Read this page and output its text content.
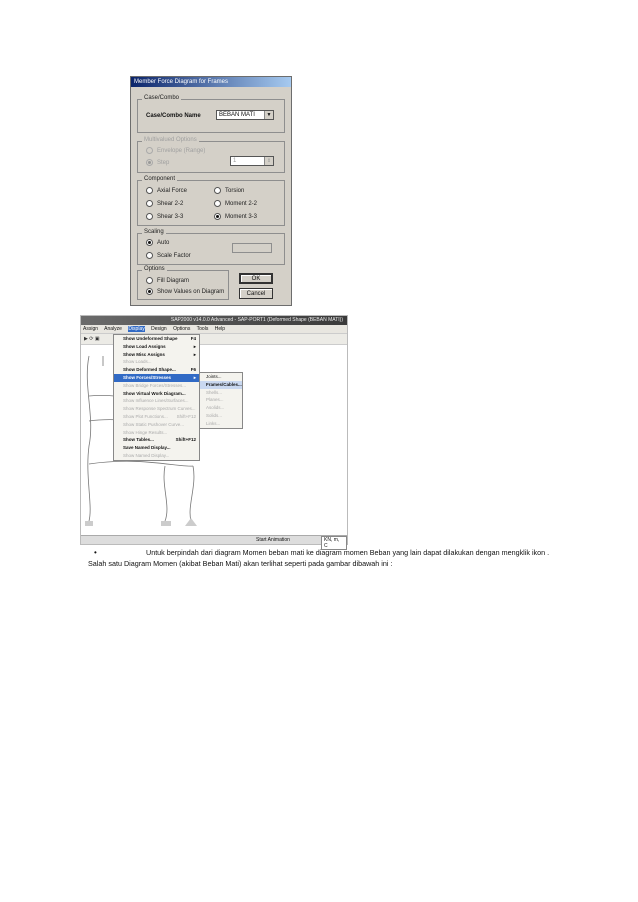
Member Force Diagram for Frames
Case/Combo
Case/Combo Name	BEBAN MATI	▼
Multivalued Options
Envelope (Range)
Step	1	⇕
Component
Axial Force	Torsion
Shear 2-2	Moment 2-2
Shear 3-3	Moment 3-3
Scaling
Auto
Scale Factor
Options
Fill Diagram
Show Values on Diagram
OK
Cancel
SAP2000 v14.0.0 Advanced - SAP-PORT1 (Deformed Shape (BEBAN MATI))
Assign Analyze Display Design Options Tools Help
▶ ⟳ ▣	Show Undeformed Shape	F4
Show Load Assigns	▸
Show Misc Assigns	▸
Show Loads...
Show Deformed Shape...	F6
Show Forces/Stresses	▸
Show Bridge Forces/Stresses...
Show Virtual Work Diagram...
Show Influence Lines/Surfaces...
Show Response Spectrum Curves...
Show Plot Functions... Shift+F12
Show Static Pushover Curve...
Show Hinge Results...
Show Tables...	Shift+F12
Save Named Display...
Show Named Display...
Joints...
Frames/Cables...
Shells...
Planes...
Asolids...
Solids...
Links...
Start Animation	KN, m, C
•	Untuk berpindah dari diagram Momen beban mati ke diagram momen Beban yang lain dapat dilakukan dengan mengklik ikon .
Salah satu Diagram Momen (akibat Beban Mati) akan terlihat seperti pada gambar dibawah ini :
